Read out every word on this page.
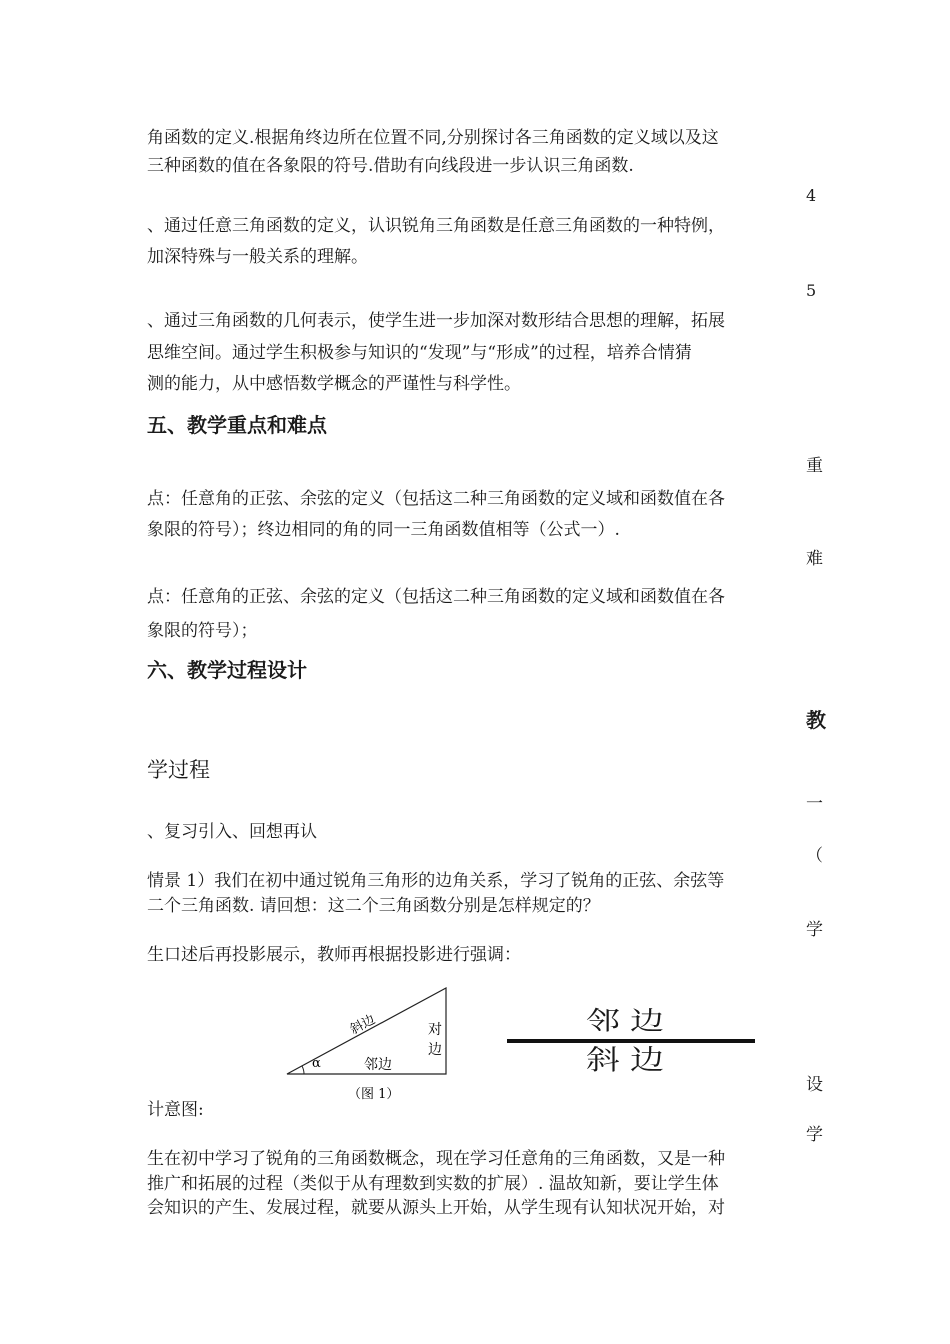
角函数的定义.根据角终边所在位置不同,分别探讨各三角函数的定义域以及这
三种函数的值在各象限的符号.借助有向线段进一步认识三角函数.
4
、通过任意三角函数的定义，认识锐角三角函数是任意三角函数的一种特例，
加深特殊与一般关系的理解。
5
、通过三角函数的几何表示，使学生进一步加深对数形结合思想的理解，拓展
思维空间。通过学生积极参与知识的“发现”与“形成”的过程，培养合情猜
测的能力，从中感悟数学概念的严谨性与科学性。
五、教学重点和难点
重
点：任意角的正弦、余弦的定义（包括这二种三角函数的定义域和函数值在各
象限的符号）；终边相同的角的同一三角函数值相等（公式一）.
难
点：任意角的正弦、余弦的定义（包括这二种三角函数的定义域和函数值在各
象限的符号）；
六、教学过程设计
教
学过程
一
、复习引入、回想再认
（
情景 1）我们在初中通过锐角三角形的边角关系，学习了锐角的正弦、余弦等
二个三角函数. 请回想：这二个三角函数分别是怎样规定的？
学
生口述后再投影展示，教师再根据投影进行强调：
斜边	对
边
邻边
α
（图 1）
邻边
斜边
设
计意图:
学
生在初中学习了锐角的三角函数概念，现在学习任意角的三角函数，又是一种
推广和拓展的过程（类似于从有理数到实数的扩展）. 温故知新，要让学生体
会知识的产生、发展过程，就要从源头上开始，从学生现有认知状况开始，对
